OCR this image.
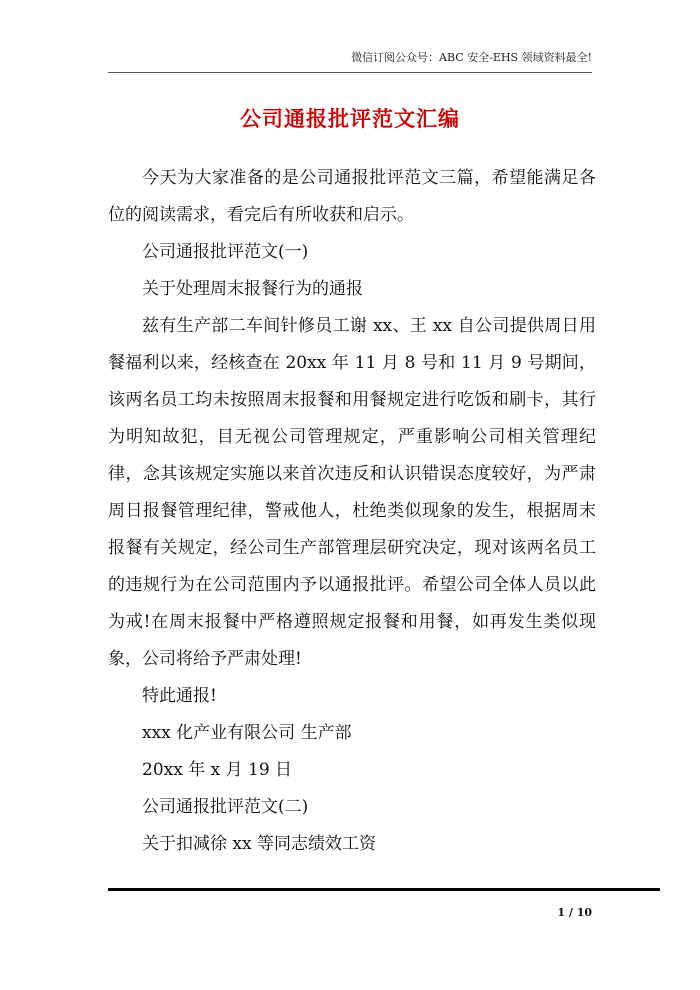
微信订阅公众号：ABC 安全-EHS 领域资料最全!
公司通报批评范文汇编

今天为大家准备的是公司通报批评范文三篇，希望能满足各位的阅读需求，看完后有所收获和启示。

公司通报批评范文(一)

关于处理周末报餐行为的通报

兹有生产部二车间针修员工谢 xx、王 xx 自公司提供周日用餐福利以来，经核查在 20xx 年 11 月 8 号和 11 月 9 号期间，该两名员工均未按照周末报餐和用餐规定进行吃饭和刷卡，其行为明知故犯，目无视公司管理规定，严重影响公司相关管理纪律，念其该规定实施以来首次违反和认识错误态度较好，为严肃周日报餐管理纪律，警戒他人，杜绝类似现象的发生，根据周末报餐有关规定，经公司生产部管理层研究决定，现对该两名员工的违规行为在公司范围内予以通报批评。希望公司全体人员以此为戒!在周末报餐中严格遵照规定报餐和用餐，如再发生类似现象，公司将给予严肃处理!

特此通报!

xxx 化产业有限公司 生产部

20xx 年 x 月 19 日

公司通报批评范文(二)

关于扣减徐 xx 等同志绩效工资

1 / 10
